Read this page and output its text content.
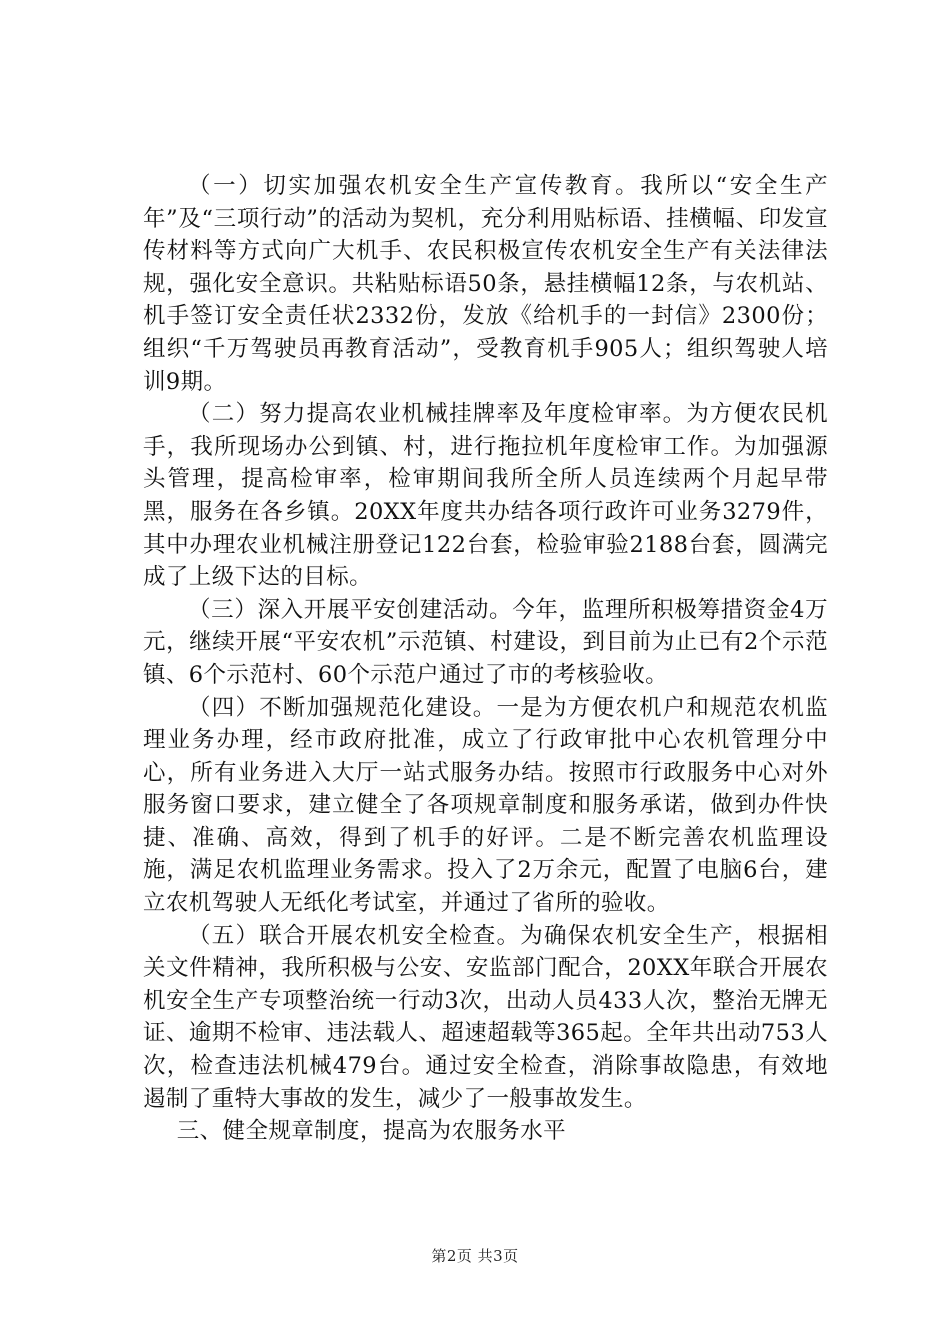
（一）切实加强农机安全生产宣传教育。我所以“安全生产年”及“三项行动”的活动为契机，充分利用贴标语、挂横幅、印发宣传材料等方式向广大机手、农民积极宣传农机安全生产有关法律法规，强化安全意识。共粘贴标语50条，悬挂横幅12条，与农机站、机手签订安全责任状2332份，发放《给机手的一封信》2300份；组织“千万驾驶员再教育活动”，受教育机手905人；组织驾驶人培训9期。

（二）努力提高农业机械挂牌率及年度检审率。为方便农民机手，我所现场办公到镇、村，进行拖拉机年度检审工作。为加强源头管理，提高检审率，检审期间我所全所人员连续两个月起早带黑，服务在各乡镇。20XX年度共办结各项行政许可业务3279件，其中办理农业机械注册登记122台套，检验审验2188台套，圆满完成了上级下达的目标。

（三）深入开展平安创建活动。今年，监理所积极筹措资金4万元，继续开展“平安农机”示范镇、村建设，到目前为止已有2个示范镇、6个示范村、60个示范户通过了市的考核验收。

（四）不断加强规范化建设。一是为方便农机户和规范农机监理业务办理，经市政府批准，成立了行政审批中心农机管理分中心，所有业务进入大厅一站式服务办结。按照市行政服务中心对外服务窗口要求，建立健全了各项规章制度和服务承诺，做到办件快捷、准确、高效，得到了机手的好评。二是不断完善农机监理设施，满足农机监理业务需求。投入了2万余元，配置了电脑6台，建立农机驾驶人无纸化考试室，并通过了省所的验收。

（五）联合开展农机安全检查。为确保农机安全生产，根据相关文件精神，我所积极与公安、安监部门配合，20XX年联合开展农机安全生产专项整治统一行动3次，出动人员433人次，整治无牌无证、逾期不检审、违法载人、超速超载等365起。全年共出动753人次，检查违法机械479台。通过安全检查，消除事故隐患，有效地遏制了重特大事故的发生，减少了一般事故发生。

三、健全规章制度，提高为农服务水平

第2页 共3页
